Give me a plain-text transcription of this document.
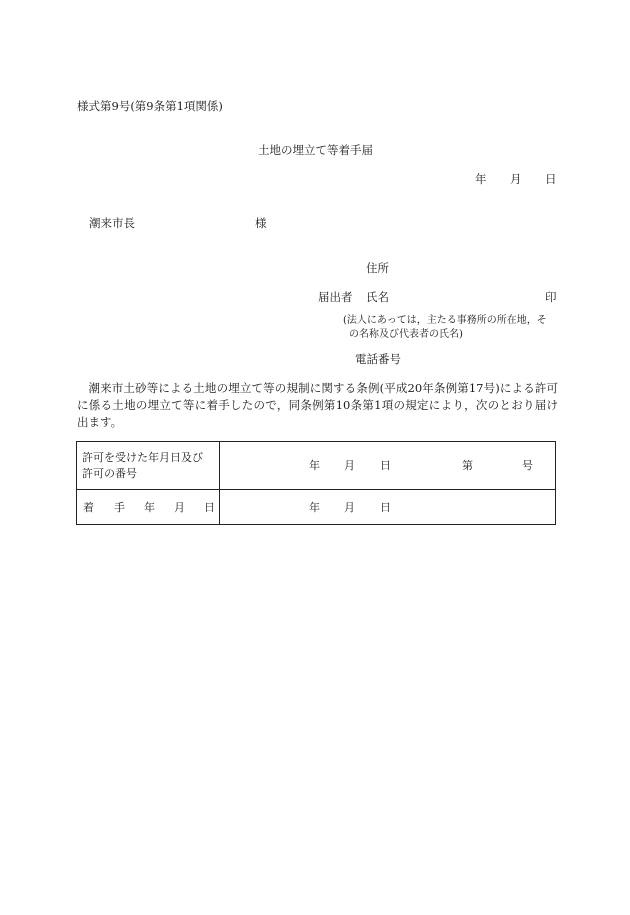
様式第9号(第9条第1項関係)
土地の埋立て等着手届
年 月 日
潮来市長	様
住所
届出者 氏名	印
(法人にあっては，主たる事務所の所在地，そ
の名称及び代表者の氏名)
電話番号
潮来市土砂等による土地の埋立て等の規制に関する条例(平成20年条例第17号)による許可に係る土地の埋立て等に着手したので，同条例第10条第1項の規定により，次のとおり届け出ます。
許可を受けた年月日及び
許可の番号
年 月 日	第	号
着 手 年 月 日	年 月 日
